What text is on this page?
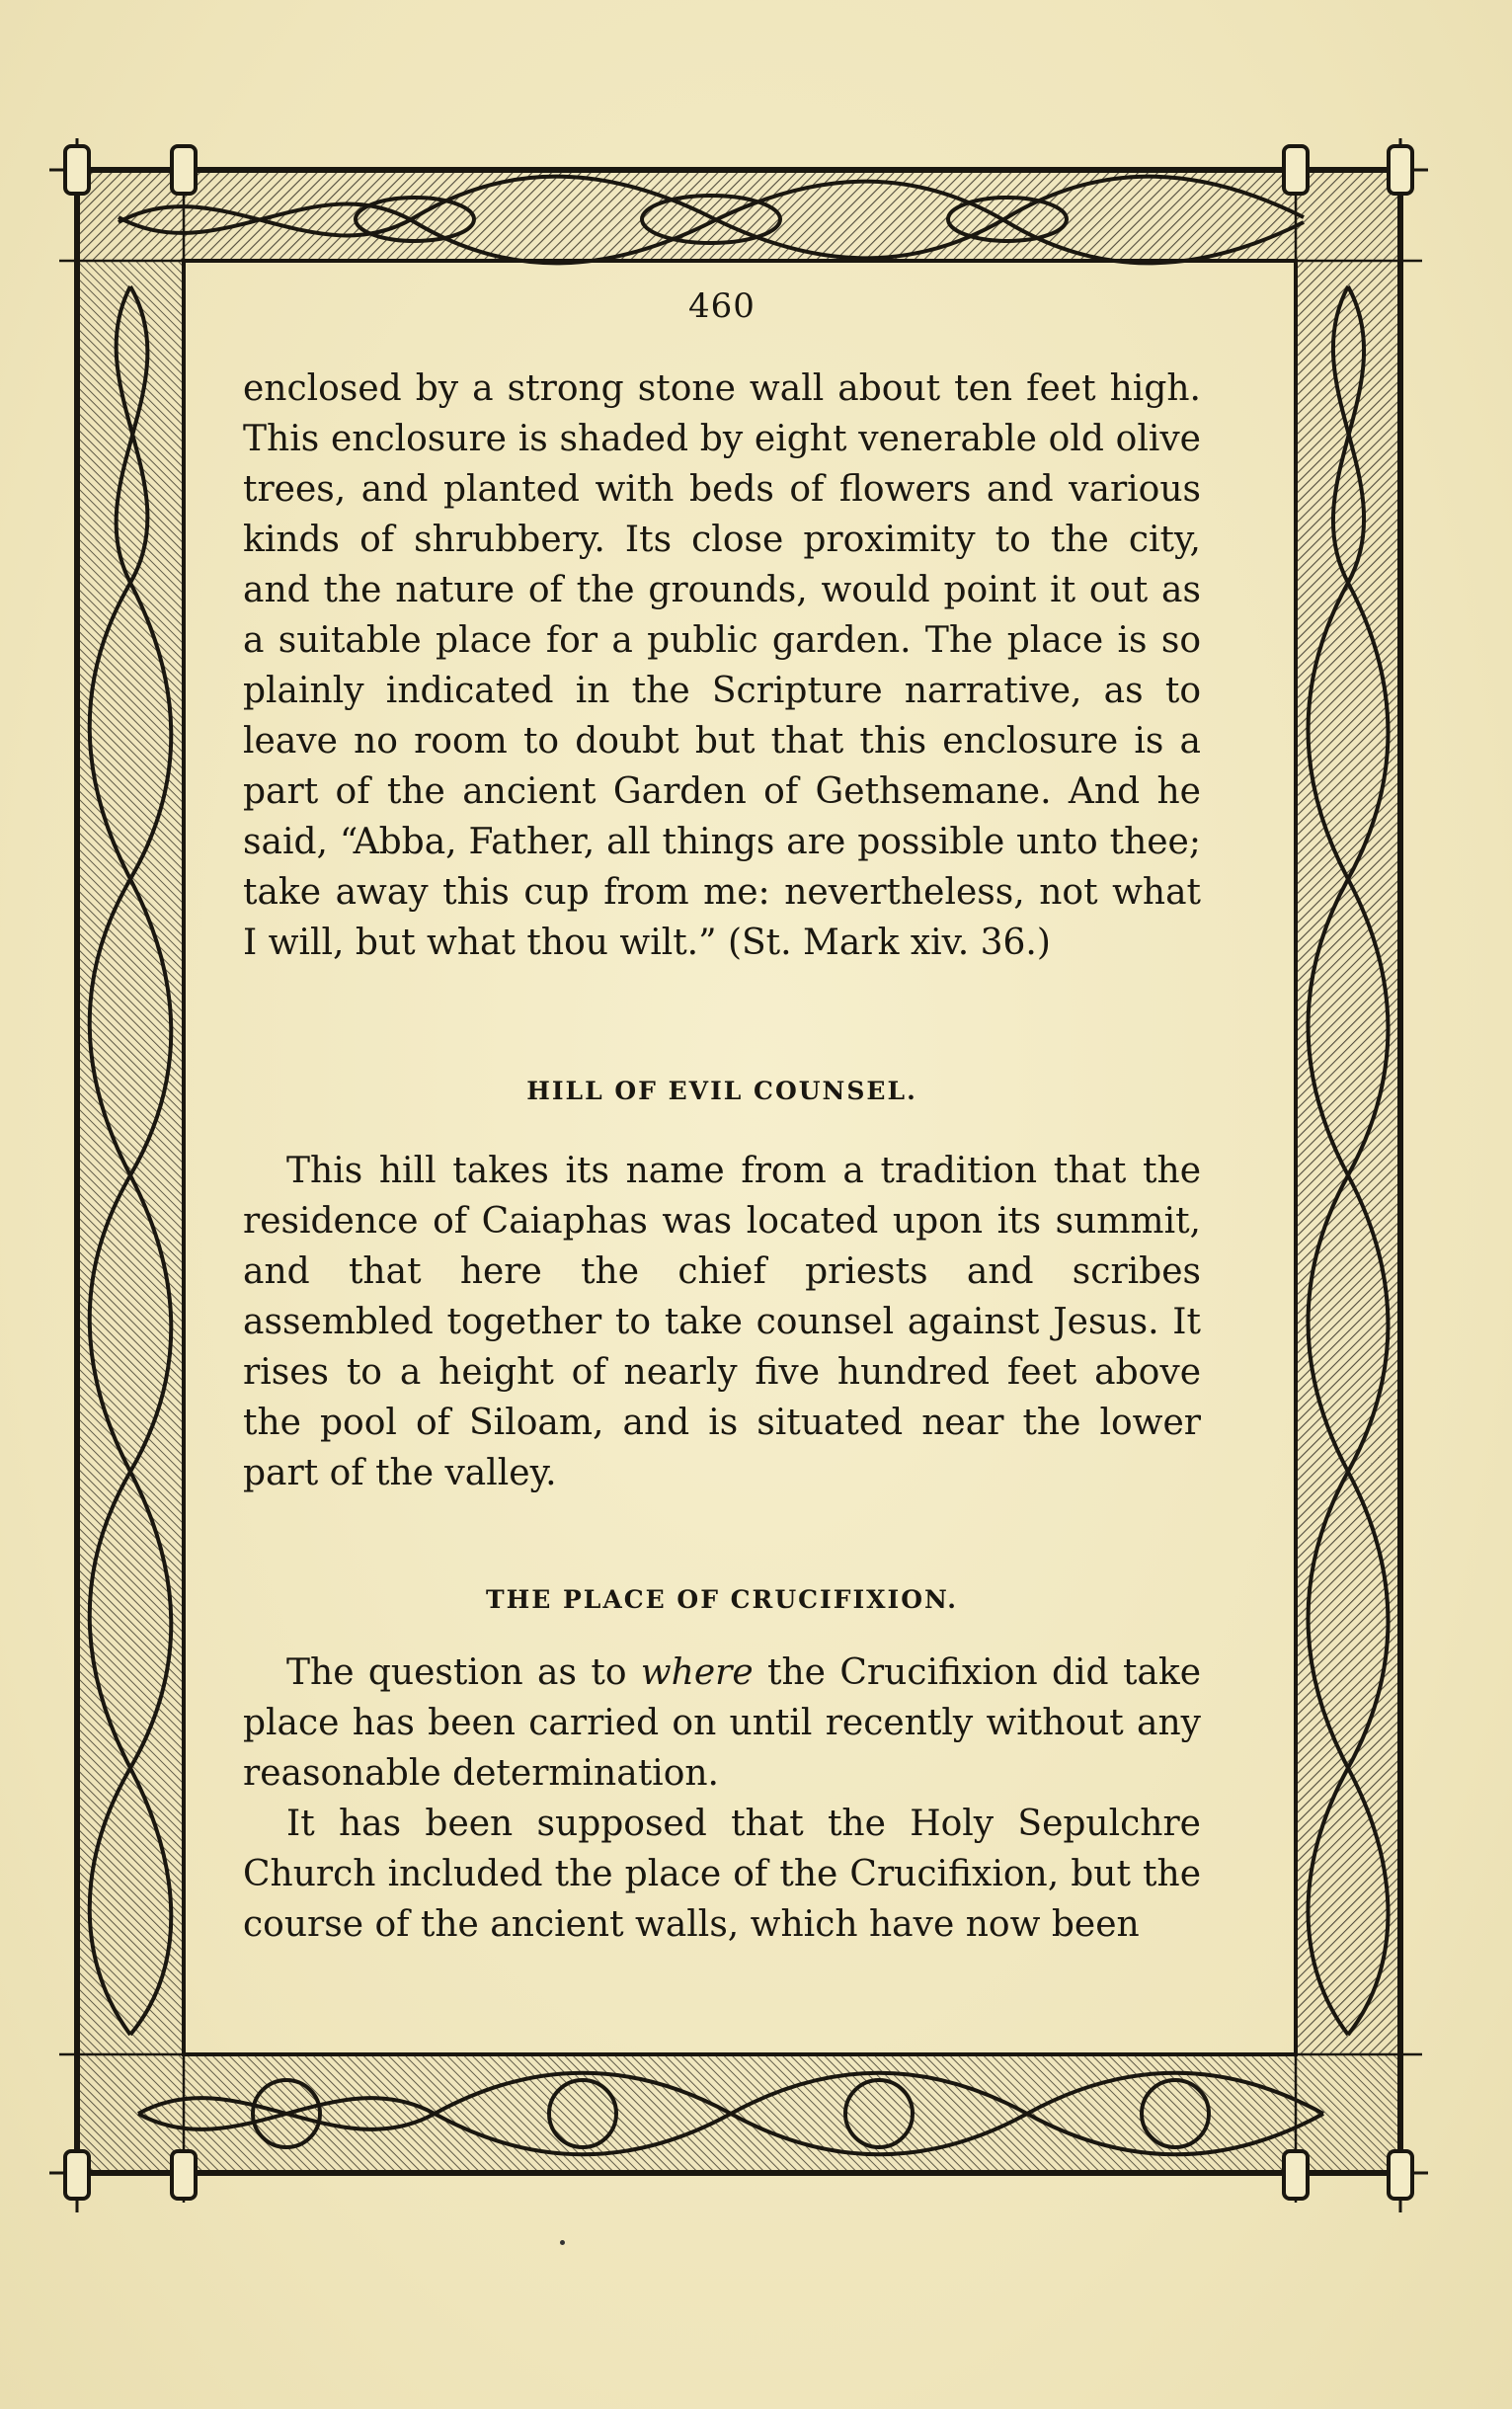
460

enclosed by a strong stone wall about ten feet high. This enclosure is shaded by eight venerable old olive trees, and planted with beds of flowers and various kinds of shrubbery. Its close proximity to the city, and the nature of the grounds, would point it out as a suitable place for a public garden. The place is so plainly indicated in the Scripture narrative, as to leave no room to doubt but that this enclosure is a part of the ancient Garden of Gethsemane. And he said, “Abba, Father, all things are possible unto thee; take away this cup from me: nevertheless, not what I will, but what thou wilt.” (St. Mark xiv. 36.)

HILL OF EVIL COUNSEL.

This hill takes its name from a tradition that the residence of Caiaphas was located upon its summit, and that here the chief priests and scribes assembled together to take counsel against Jesus. It rises to a height of nearly five hundred feet above the pool of Siloam, and is situated near the lower part of the valley.

THE PLACE OF CRUCIFIXION.

The question as to where the Crucifixion did take place has been carried on until recently without any reasonable determination.

It has been supposed that the Holy Sepulchre Church included the place of the Crucifixion, but the course of the ancient walls, which have now been
